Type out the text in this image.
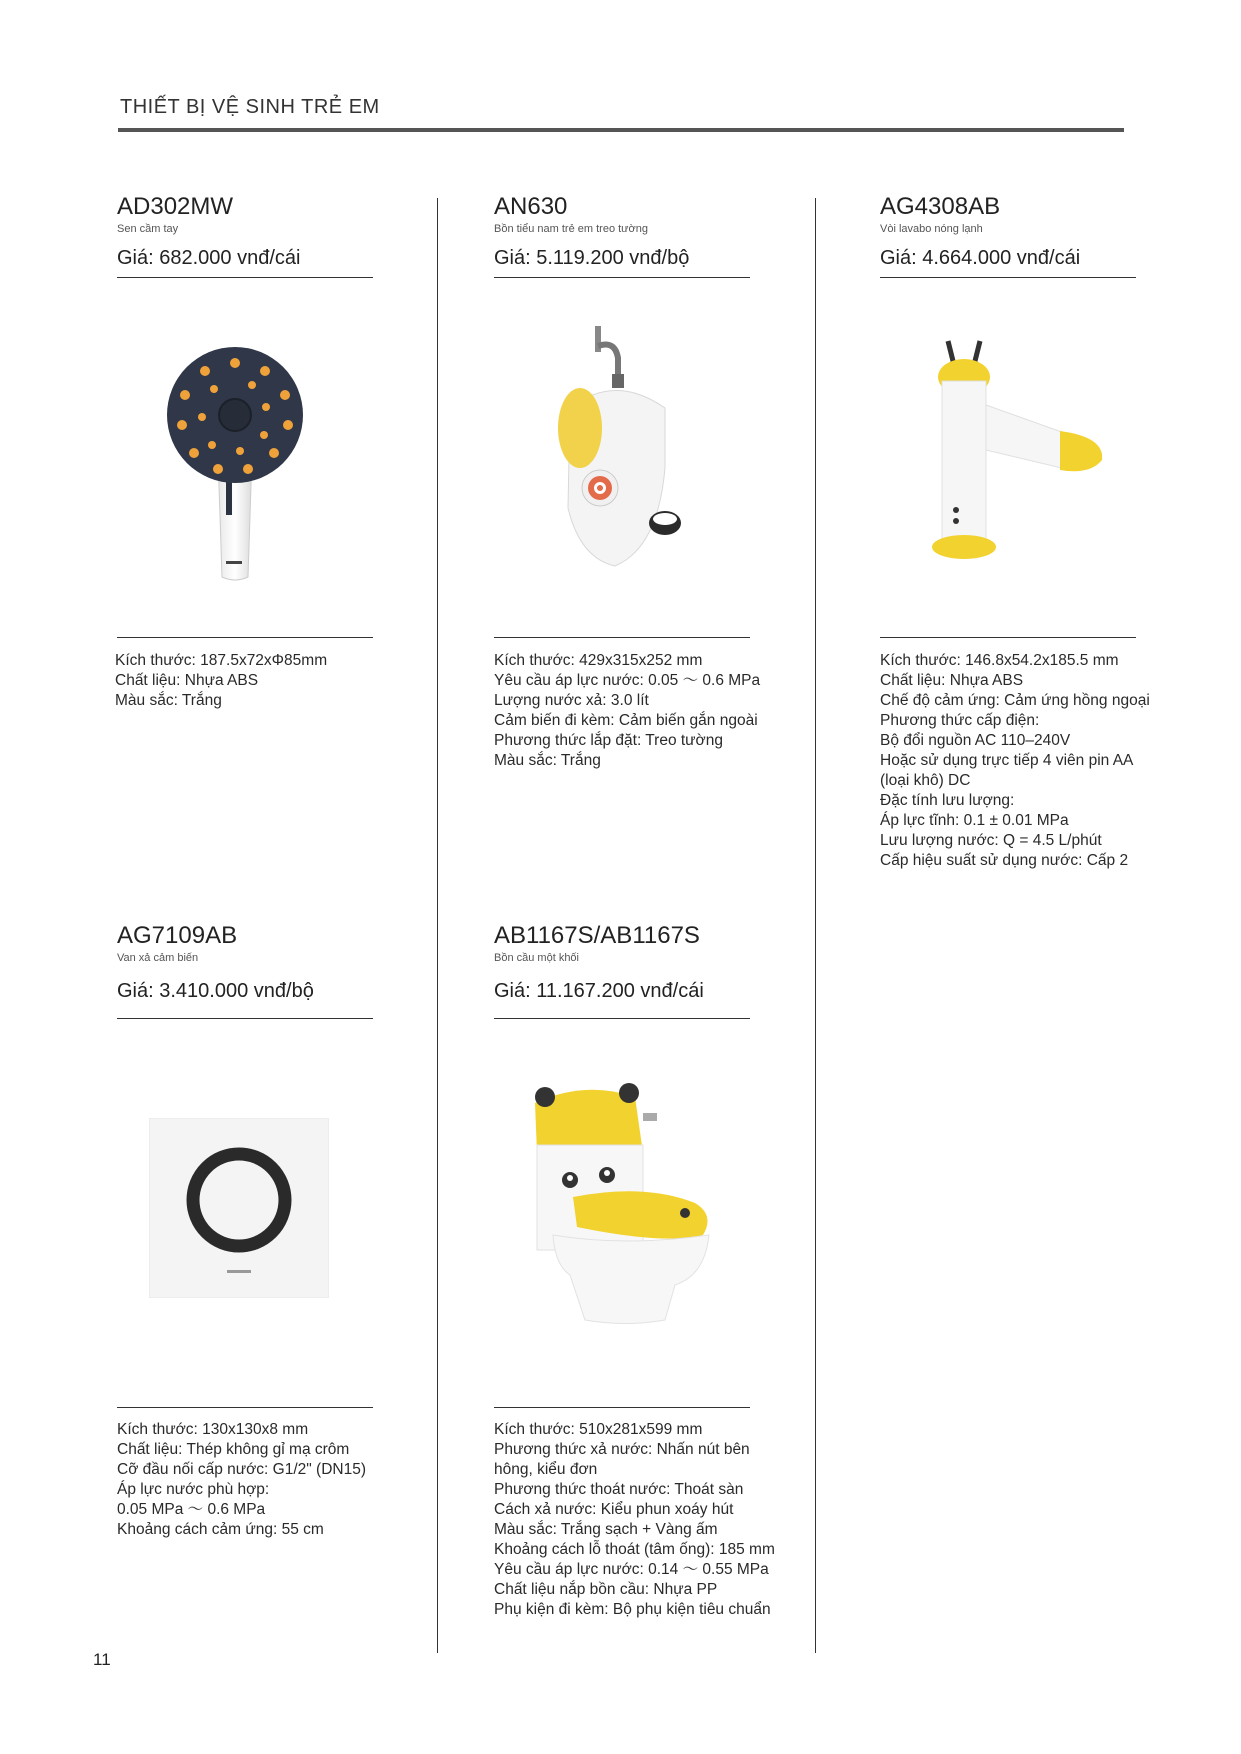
THIẾT BỊ VỆ SINH TRẺ EM
AD302MW
Sen cầm tay
Giá: 682.000 vnđ/cái
Kích thước: 187.5x72xΦ85mm
Chất liệu: Nhựa ABS
Màu sắc: Trắng
AN630
Bồn tiểu nam trẻ em treo tường
Giá: 5.119.200 vnđ/bộ
Kích thước: 429x315x252 mm
Yêu cầu áp lực nước: 0.05 〜 0.6 MPa
Lượng nước xả: 3.0 lít
Cảm biến đi kèm: Cảm biến gắn ngoài
Phương thức lắp đặt: Treo tường
Màu sắc: Trắng
AG4308AB
Vòi lavabo nóng lạnh
Giá: 4.664.000 vnđ/cái
Kích thước: 146.8x54.2x185.5 mm
Chất liệu: Nhựa ABS
Chế độ cảm ứng: Cảm ứng hồng ngoại
Phương thức cấp điện:
Bộ đổi nguồn AC 110–240V
Hoặc sử dụng trực tiếp 4 viên pin AA
(loại khô) DC
Đặc tính lưu lượng:
Áp lực tĩnh: 0.1 ± 0.01 MPa
Lưu lượng nước: Q = 4.5 L/phút
Cấp hiệu suất sử dụng nước: Cấp 2
AG7109AB
Van xả cảm biến
Giá: 3.410.000 vnđ/bộ
Kích thước: 130x130x8 mm
Chất liệu: Thép không gỉ mạ crôm
Cỡ đầu nối cấp nước: G1/2" (DN15)
Áp lực nước phù hợp:
0.05 MPa 〜 0.6 MPa
Khoảng cách cảm ứng: 55 cm
AB1167S/AB1167S
Bồn cầu một khối
Giá: 11.167.200 vnđ/cái
Kích thước: 510x281x599 mm
Phương thức xả nước: Nhấn nút bên
hông, kiểu đơn
Phương thức thoát nước: Thoát sàn
Cách xả nước: Kiểu phun xoáy hút
Màu sắc: Trắng sạch + Vàng ấm
Khoảng cách lỗ thoát (tâm ống): 185 mm
Yêu cầu áp lực nước: 0.14 〜 0.55 MPa
Chất liệu nắp bồn cầu: Nhựa PP
Phụ kiện đi kèm: Bộ phụ kiện tiêu chuẩn
11
